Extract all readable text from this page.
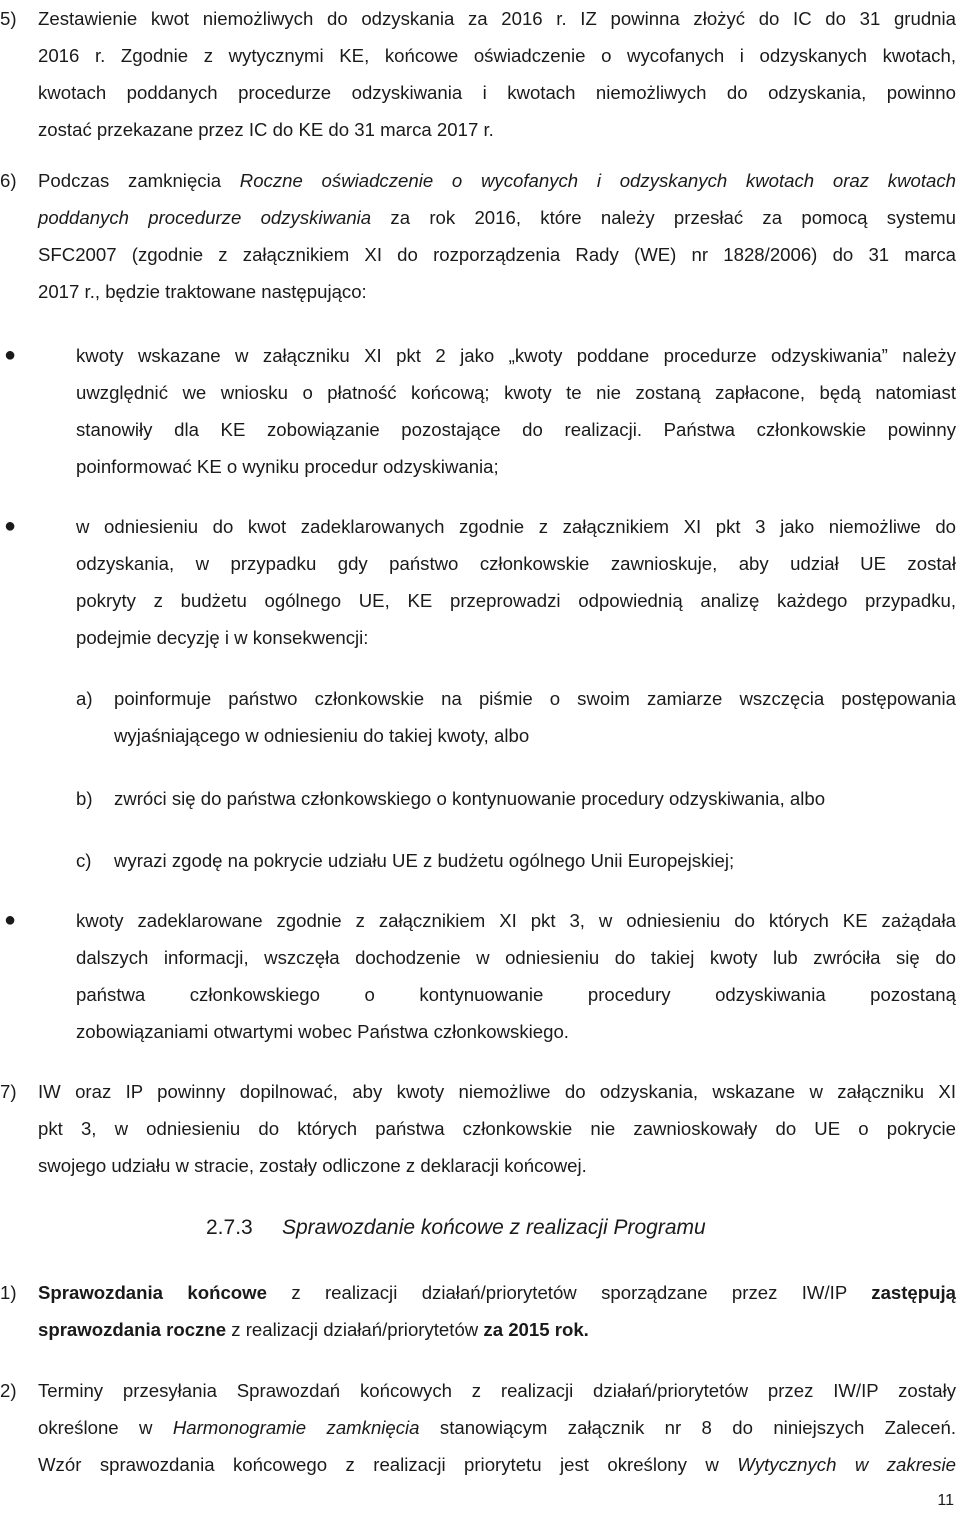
5) Zestawienie kwot niemożliwych do odzyskania za 2016 r. IZ powinna złożyć do IC do 31 grudnia
2016 r. Zgodnie z wytycznymi KE, końcowe oświadczenie o wycofanych i odzyskanych kwotach,
kwotach poddanych procedurze odzyskiwania i kwotach niemożliwych do odzyskania, powinno
zostać przekazane przez IC do KE do 31 marca 2017 r.
6) Podczas zamknięcia Roczne oświadczenie o wycofanych i odzyskanych kwotach oraz kwotach
poddanych procedurze odzyskiwania za rok 2016, które należy przesłać za pomocą systemu
SFC2007 (zgodnie z załącznikiem XI do rozporządzenia Rady (WE) nr 1828/2006) do 31 marca
2017 r., będzie traktowane następująco:
●	kwoty wskazane w załączniku XI pkt 2 jako „kwoty poddane procedurze odzyskiwania” należy
uwzględnić we wniosku o płatność końcową; kwoty te nie zostaną zapłacone, będą natomiast
stanowiły dla KE zobowiązanie pozostające do realizacji. Państwa członkowskie powinny
poinformować KE o wyniku procedur odzyskiwania;
●	w odniesieniu do kwot zadeklarowanych zgodnie z załącznikiem XI pkt 3 jako niemożliwe do
odzyskania, w przypadku gdy państwo członkowskie zawnioskuje, aby udział UE został
pokryty z budżetu ogólnego UE, KE przeprowadzi odpowiednią analizę każdego przypadku,
podejmie decyzję i w konsekwencji:
a) poinformuje państwo członkowskie na piśmie o swoim zamiarze wszczęcia postępowania
wyjaśniającego w odniesieniu do takiej kwoty, albo
b) zwróci się do państwa członkowskiego o kontynuowanie procedury odzyskiwania, albo
c) wyrazi zgodę na pokrycie udziału UE z budżetu ogólnego Unii Europejskiej;
●	kwoty zadeklarowane zgodnie z załącznikiem XI pkt 3, w odniesieniu do których KE zażądała
dalszych informacji, wszczęła dochodzenie w odniesieniu do takiej kwoty lub zwróciła się do
państwa członkowskiego o kontynuowanie procedury odzyskiwania pozostaną
zobowiązaniami otwartymi wobec Państwa członkowskiego.
7) IW oraz IP powinny dopilnować, aby kwoty niemożliwe do odzyskania, wskazane w załączniku XI
pkt 3, w odniesieniu do których państwa członkowskie nie zawnioskowały do UE o pokrycie
swojego udziału w stracie, zostały odliczone z deklaracji końcowej.
2.7.3 Sprawozdanie końcowe z realizacji Programu
1) Sprawozdania końcowe z realizacji działań/priorytetów sporządzane przez IW/IP zastępują
sprawozdania roczne z realizacji działań/priorytetów za 2015 rok.
2) Terminy przesyłania Sprawozdań końcowych z realizacji działań/priorytetów przez IW/IP zostały
określone w Harmonogramie zamknięcia stanowiącym załącznik nr 8 do niniejszych Zaleceń.
Wzór sprawozdania końcowego z realizacji priorytetu jest określony w Wytycznych w zakresie
11
